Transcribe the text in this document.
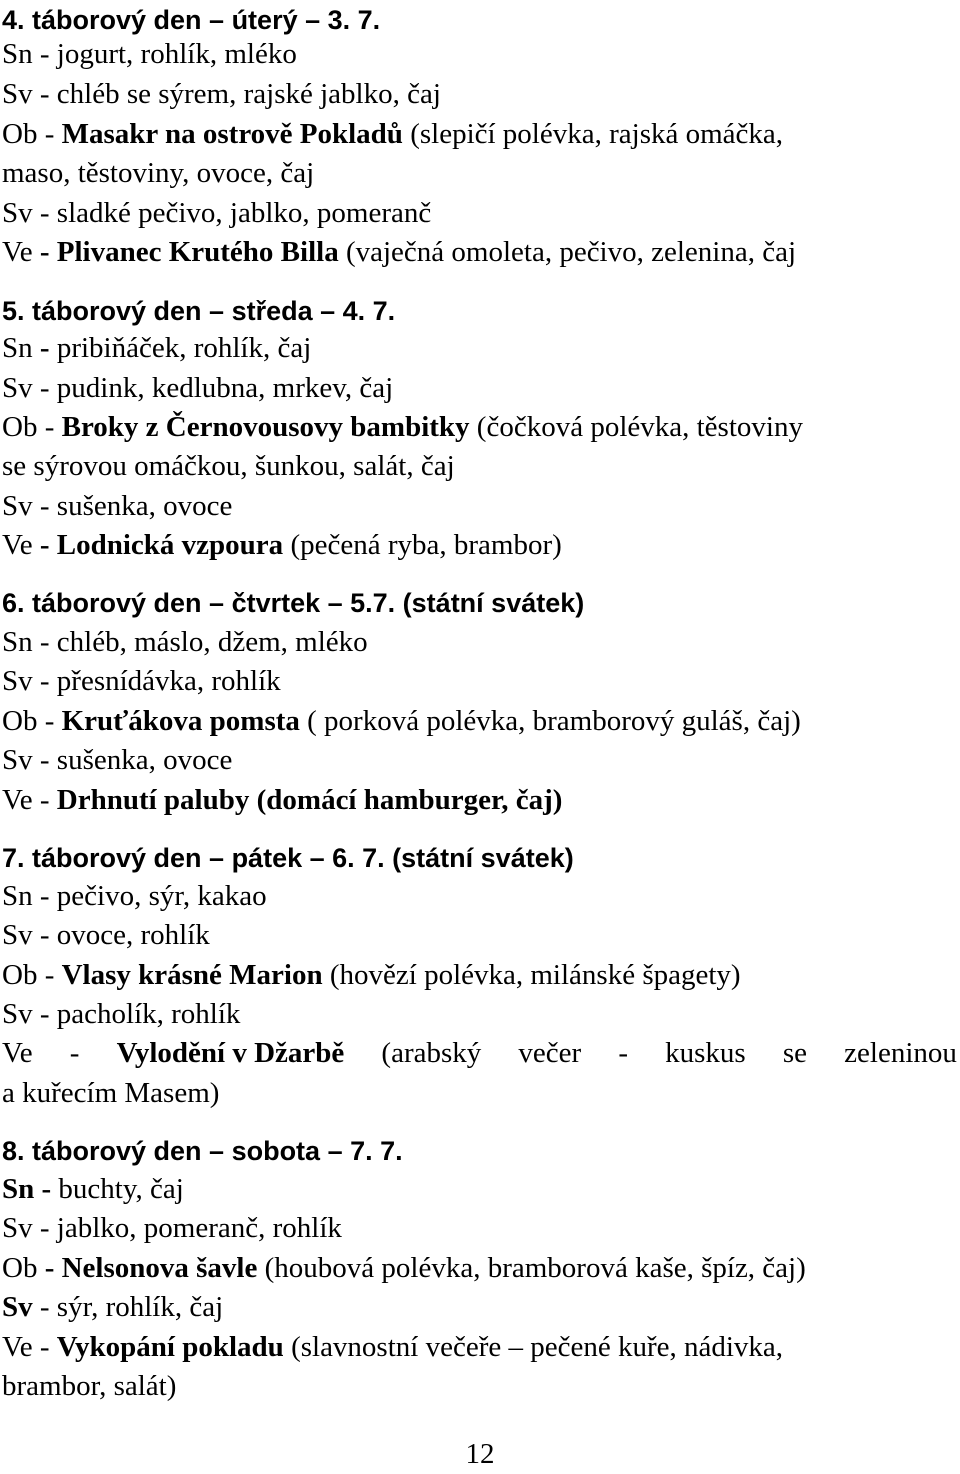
4. táborový den – úterý – 3. 7.
Sn - jogurt, rohlík, mléko
Sv - chléb se sýrem, rajské jablko, čaj
Ob - Masakr na ostrově Pokladů (slepičí polévka, rajská omáčka,
maso, těstoviny, ovoce, čaj
Sv - sladké pečivo, jablko, pomeranč
Ve - Plivanec Krutého Billa (vaječná omoleta, pečivo, zelenina, čaj
5. táborový den – středa – 4. 7.
Sn - pribiňáček, rohlík, čaj
Sv - pudink, kedlubna, mrkev, čaj
Ob - Broky z Černovousovy bambitky (čočková polévka, těstoviny
se sýrovou omáčkou, šunkou, salát, čaj
Sv - sušenka, ovoce
Ve - Lodnická vzpoura (pečená ryba, brambor)
6. táborový den – čtvrtek – 5.7. (státní svátek)
Sn - chléb, máslo, džem, mléko
Sv - přesnídávka, rohlík
Ob - Kruťákova pomsta ( porková polévka, bramborový guláš, čaj)
Sv - sušenka, ovoce
Ve - Drhnutí paluby (domácí hamburger, čaj)
7. táborový den – pátek – 6. 7. (státní svátek)
Sn - pečivo, sýr, kakao
Sv - ovoce, rohlík
Ob - Vlasy krásné Marion (hovězí polévka, milánské špagety)
Sv - pacholík, rohlík
Ve - Vylodění v Džarbě (arabský večer - kuskus se zeleninou
a kuřecím Masem)
8. táborový den – sobota – 7. 7.
Sn - buchty, čaj
Sv - jablko, pomeranč, rohlík
Ob - Nelsonova šavle (houbová polévka, bramborová kaše, špíz, čaj)
Sv - sýr, rohlík, čaj
Ve - Vykopání pokladu (slavnostní večeře – pečené kuře, nádivka,
brambor, salát)
12
